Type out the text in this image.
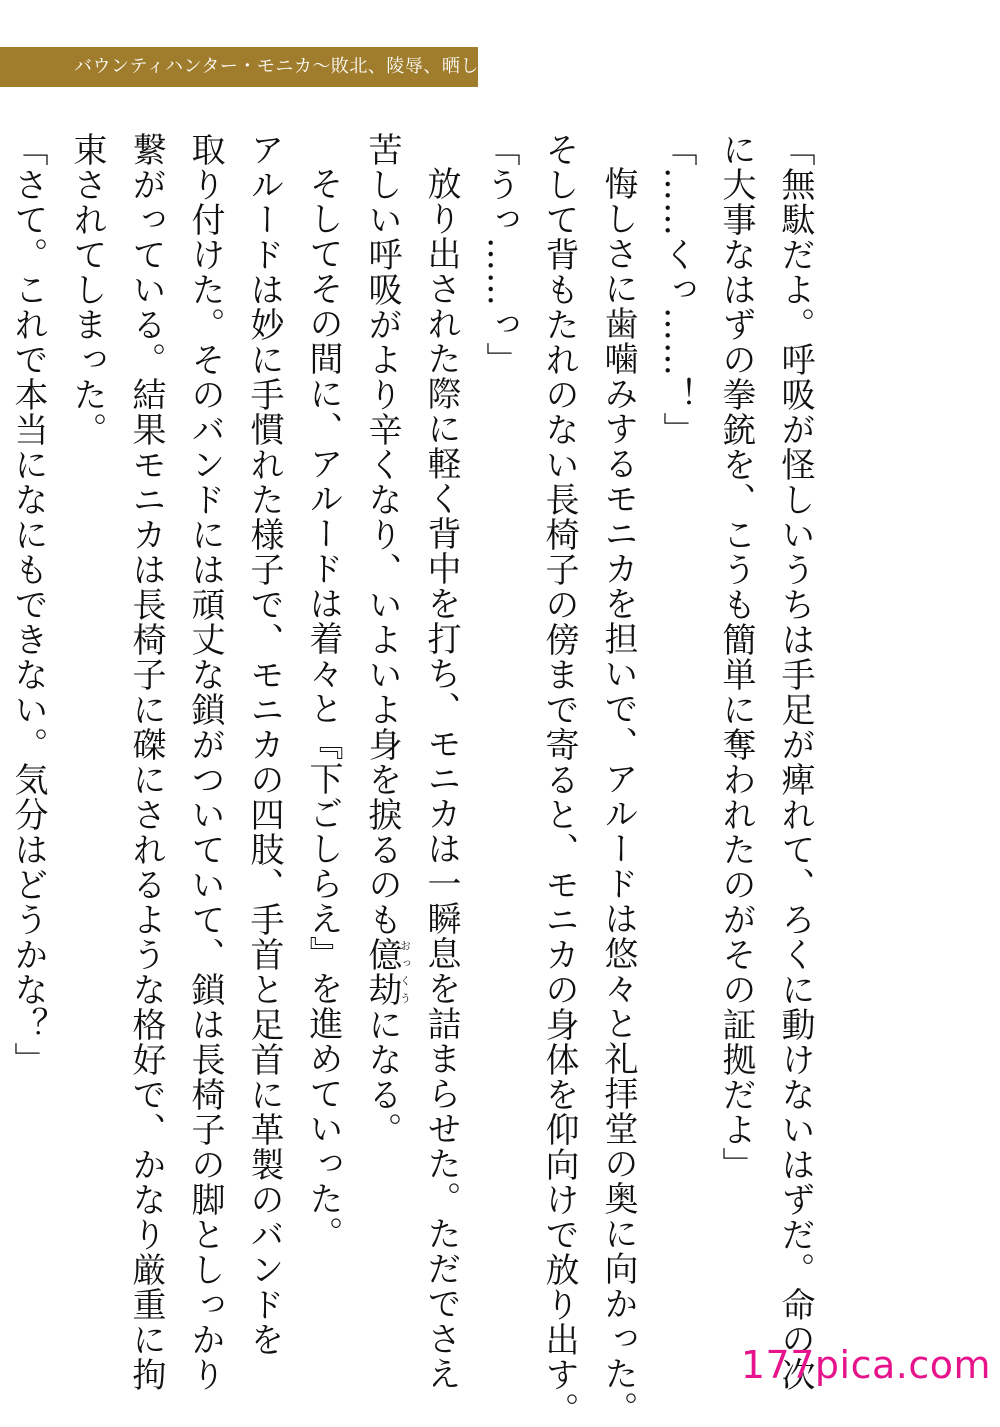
バウンティハンター・モニカ〜敗北、陵辱、晒し者〜

「無駄だよ。呼吸が怪しいうちは手足が痺れて、ろくに動けないはずだ。命の次

に大事なはずの拳銃を、こうも簡単に奪われたのがその証拠だよ」

「……くっ……！」

悔しさに歯噛みするモニカを担いで、アルードは悠々と礼拝堂の奥に向かった。

そして背もたれのない長椅子の傍まで寄ると、モニカの身体を仰向けで放り出す。

「うっ……っ」

放り出された際に軽く背中を打ち、モニカは一瞬息を詰まらせた。ただでさえ

苦しい呼吸がより辛くなり、いよいよ身を捩るのも億劫おっくうになる。

そしてその間に、アルードは着々と『下ごしらえ』を進めていった。

アルードは妙に手慣れた様子で、モニカの四肢、手首と足首に革製のバンドを

取り付けた。そのバンドには頑丈な鎖がついていて、鎖は長椅子の脚としっかり

繋がっている。結果モニカは長椅子に磔にされるような格好で、かなり厳重に拘

束されてしまった。

「さて。これで本当になにもできない。気分はどうかな？」

177pica.com
